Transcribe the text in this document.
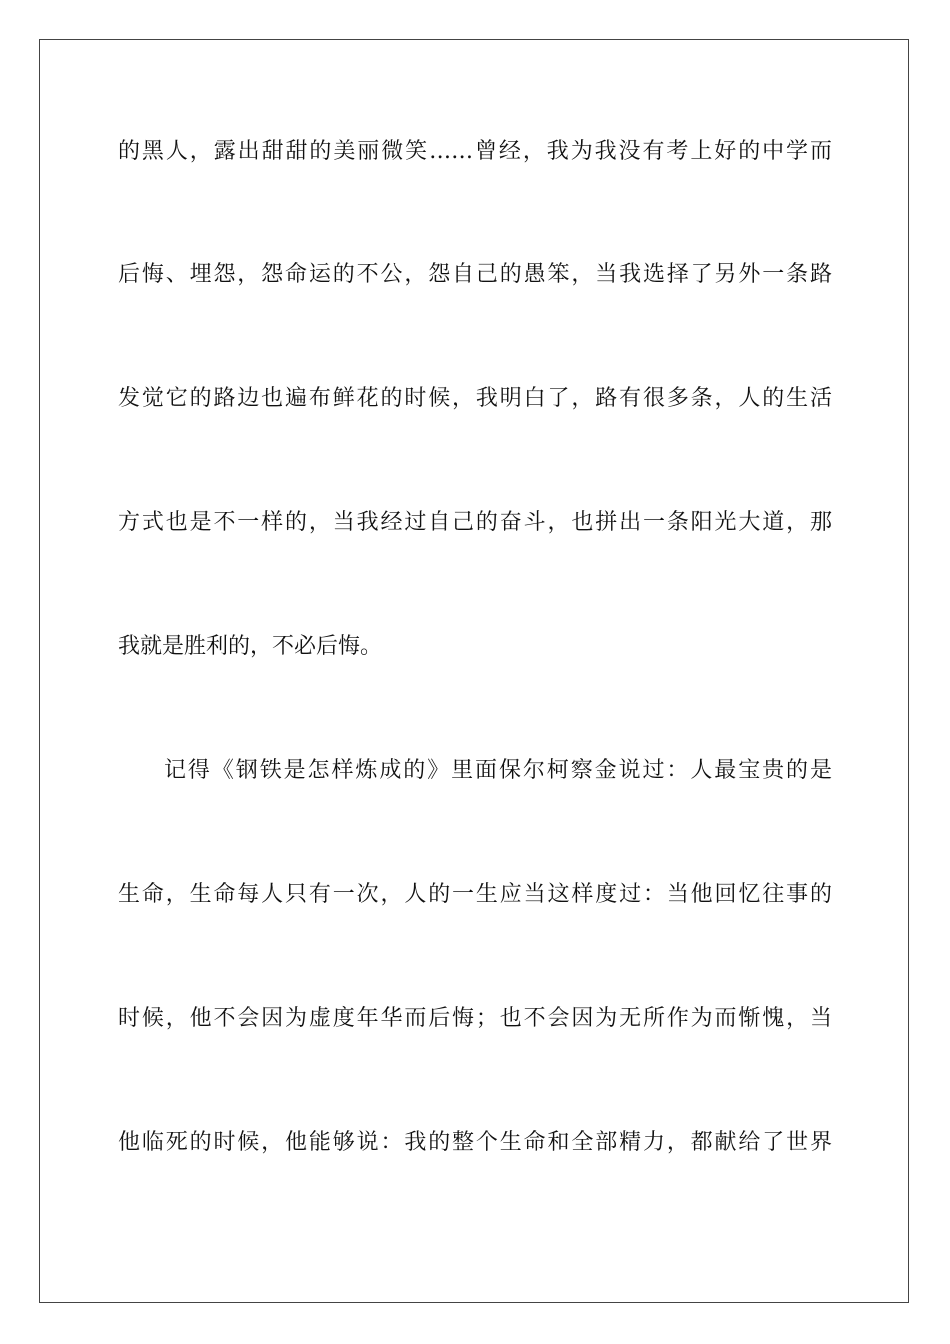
的黑人，露出甜甜的美丽微笑……曾经，我为我没有考上好的中学而
后悔、埋怨，怨命运的不公，怨自己的愚笨，当我选择了另外一条路
发觉它的路边也遍布鲜花的时候，我明白了，路有很多条，人的生活
方式也是不一样的，当我经过自己的奋斗，也拼出一条阳光大道，那
我就是胜利的，不必后悔。
记得《钢铁是怎样炼成的》里面保尔柯察金说过：人最宝贵的是
生命，生命每人只有一次，人的一生应当这样度过：当他回忆往事的
时候，他不会因为虚度年华而后悔；也不会因为无所作为而惭愧，当
他临死的时候，他能够说：我的整个生命和全部精力，都献给了世界
